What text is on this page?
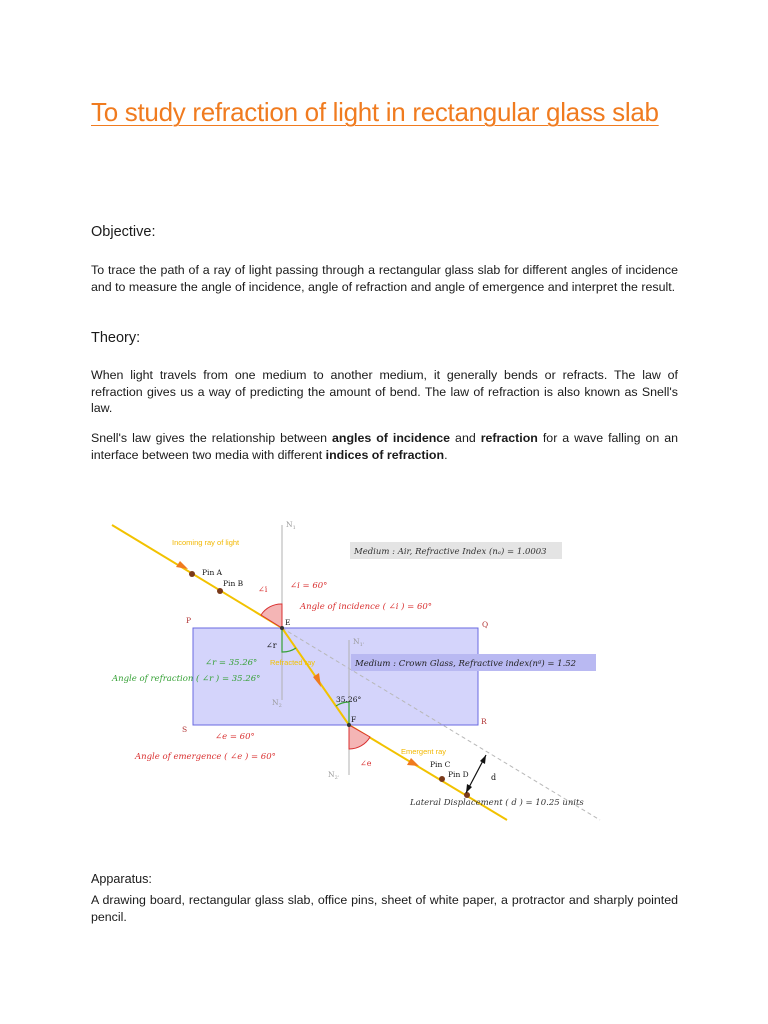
To study refraction of light in rectangular glass slab
Objective:

To trace the path of a ray of light passing through a rectangular glass slab for different angles of incidence and to measure the angle of incidence, angle of refraction and angle of emergence and interpret the result.

Theory:

When light travels from one medium to another medium, it generally bends or refracts. The law of refraction gives us a way of predicting the amount of bend. The law of refraction is also known as Snell's law.

Snell's law gives the relationship between angles of incidence and refraction for a wave falling on an interface between two media with different indices of refraction.

Medium : Air, Refractive Index (nₐ) = 1.0003
Medium : Crown Glass, Refractive index(nᵍ) = 1.52
Incoming ray of light
Pin A
Pin B
Pin C
Pin D
$N_1$
$N_{1'}$
$N_2$
$N_{2'}$
∠i	∠i = 60°
Angle of incidence ( ∠i ) = 60°
∠r
∠r = 35.26° Refracted ray
Angle of refraction ( ∠r ) = 35.26°
35.26°
∠e = 60°
Angle of emergence ( ∠e ) = 60°
∠e
Emergent ray
d
Lateral Displacement ( d ) = 10.25 units
P	Q
R
S
E
F
Apparatus:

A drawing board, rectangular glass slab, office pins, sheet of white paper, a protractor and sharply pointed pencil.
